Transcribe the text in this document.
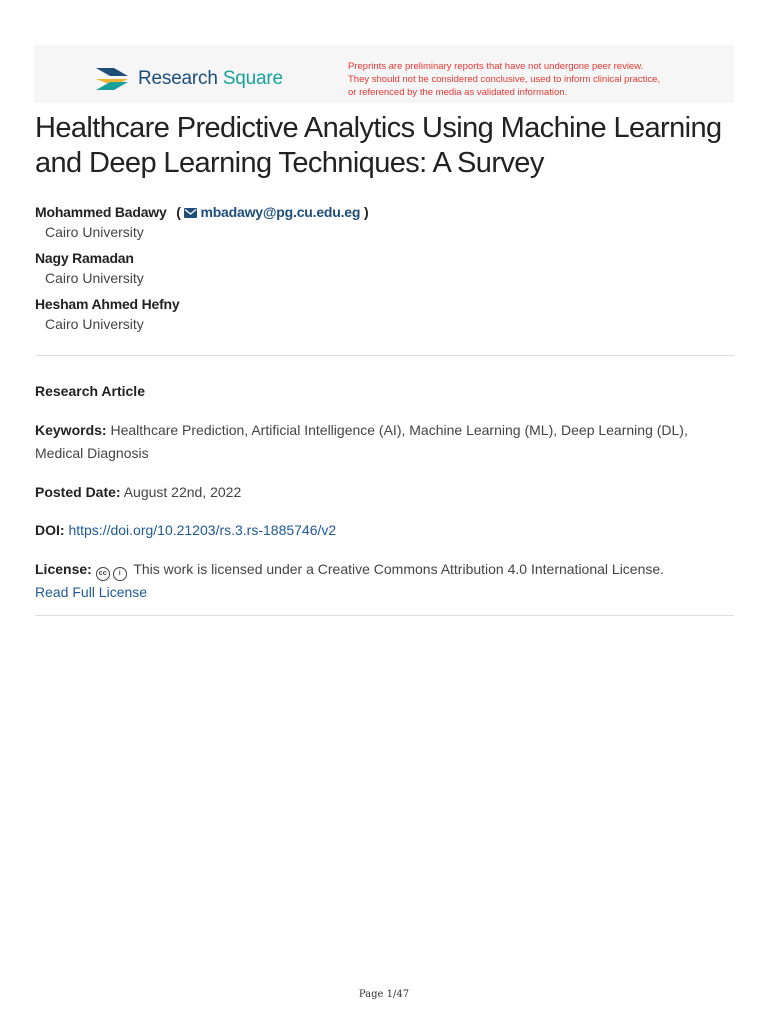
Research Square
Preprints are preliminary reports that have not undergone peer review.
They should not be considered conclusive, used to inform clinical practice,
or referenced by the media as validated information.
Healthcare Predictive Analytics Using Machine Learning and Deep Learning Techniques: A Survey
Mohammed Badawy ( mbadawy@pg.cu.edu.eg )
Cairo University
Nagy Ramadan
Cairo University
Hesham Ahmed Hefny
Cairo University
Research Article
Keywords: Healthcare Prediction, Artificial Intelligence (AI), Machine Learning (ML), Deep Learning (DL), Medical Diagnosis
Posted Date: August 22nd, 2022
DOI: https://doi.org/10.21203/rs.3.rs-1885746/v2
License: cc i This work is licensed under a Creative Commons Attribution 4.0 International License.
Read Full License
Page 1/47
